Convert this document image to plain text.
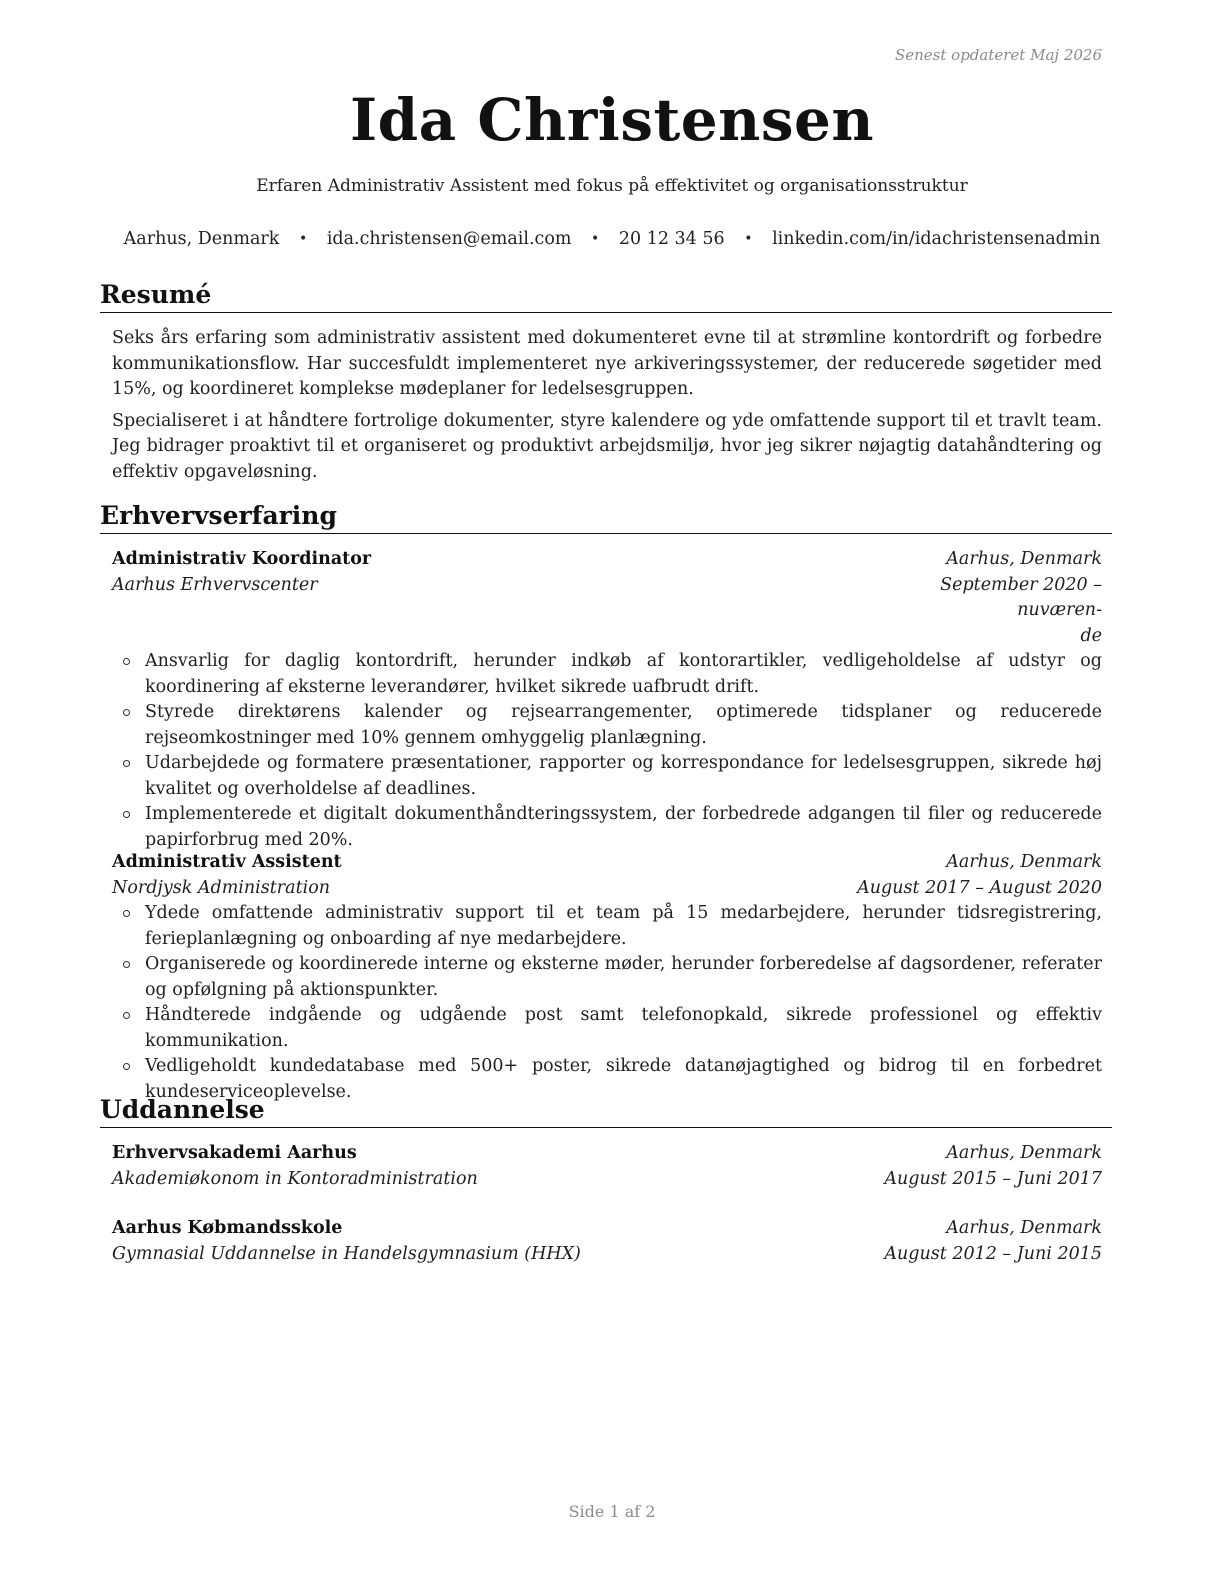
Senest opdateret Maj 2026
Ida Christensen
Erfaren Administrativ Assistent med fokus på effektivitet og organisationsstruktur
Aarhus, Denmark • ida.christensen@email.com • 20 12 34 56 • linkedin.com/in/idachristensenadmin
Resumé

Seks års erfaring som administrativ assistent med dokumenteret evne til at strømline kontordrift og forbedre kommunikationsflow. Har succesfuldt implementeret nye arkiveringssystemer, der reducerede søgetider med 15%, og koordineret komplekse mødeplaner for ledelsesgruppen.

Specialiseret i at håndtere fortrolige dokumenter, styre kalendere og yde omfattende support til et travlt team. Jeg bidrager proaktivt til et organiseret og produktivt arbejdsmiljø, hvor jeg sikrer nøjagtig datahåndtering og effektiv opgaveløsning.

Erhvervserfaring
Administrativ Koordinator	Aarhus, Denmark
Aarhus Erhvervscenter	September 2020 – nuværen-
de
Ansvarlig for daglig kontordrift, herunder indkøb af kontorartikler, vedligeholdelse af udstyr og koordinering af eksterne leverandører, hvilket sikrede uafbrudt drift.
Styrede direktørens kalender og rejsearrangementer, optimerede tidsplaner og reducerede rejseomkostninger med 10% gennem omhyggelig planlægning.
Udarbejdede og formatere præsentationer, rapporter og korrespondance for ledelsesgruppen, sikrede høj kvalitet og overholdelse af deadlines.
Implementerede et digitalt dokumenthåndteringssystem, der forbedrede adgangen til filer og reducerede papirforbrug med 20%.
Administrativ Assistent	Aarhus, Denmark
Nordjysk Administration	August 2017 – August 2020
Ydede omfattende administrativ support til et team på 15 medarbejdere, herunder tidsregistrering, ferieplanlægning og onboarding af nye medarbejdere.
Organiserede og koordinerede interne og eksterne møder, herunder forberedelse af dagsordener, referater og opfølgning på aktionspunkter.
Håndterede indgående og udgående post samt telefonopkald, sikrede professionel og effektiv kommunikation.
Vedligeholdt kundedatabase med 500+ poster, sikrede datanøjagtighed og bidrog til en forbedret kundeserviceoplevelse.
Uddannelse
Erhvervsakademi Aarhus	Aarhus, Denmark
Akademiøkonom in Kontoradministration	August 2015 – Juni 2017
Aarhus Købmandsskole	Aarhus, Denmark
Gymnasial Uddannelse in Handelsgymnasium (HHX)	August 2012 – Juni 2015
Side 1 af 2
